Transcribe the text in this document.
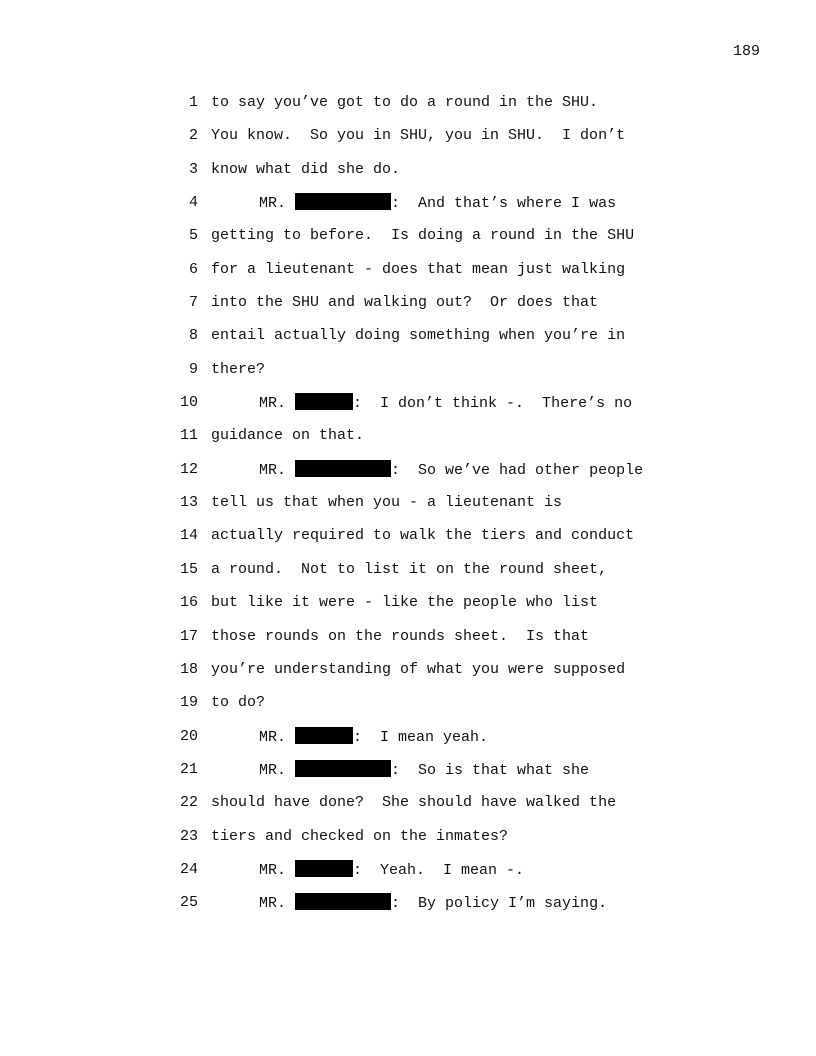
189
1 to say you’ve got to do a round in the SHU.
2 You know.  So you in SHU, you in SHU.  I don’t
3 know what did she do.
4	MR.	:  And that’s where I was
5 getting to before.  Is doing a round in the SHU
6 for a lieutenant - does that mean just walking
7 into the SHU and walking out?  Or does that
8 entail actually doing something when you’re in
9 there?
10	MR.	:  I don’t think -.  There’s no
11 guidance on that.
12	MR.	:  So we’ve had other people
13 tell us that when you - a lieutenant is
14 actually required to walk the tiers and conduct
15 a round.  Not to list it on the round sheet,
16 but like it were - like the people who list
17 those rounds on the rounds sheet.  Is that
18 you’re understanding of what you were supposed
19 to do?
20	MR.	:  I mean yeah.
21	MR.	:  So is that what she
22 should have done?  She should have walked the
23 tiers and checked on the inmates?
24	MR.	:  Yeah.  I mean -.
25	MR.	:  By policy I’m saying.
